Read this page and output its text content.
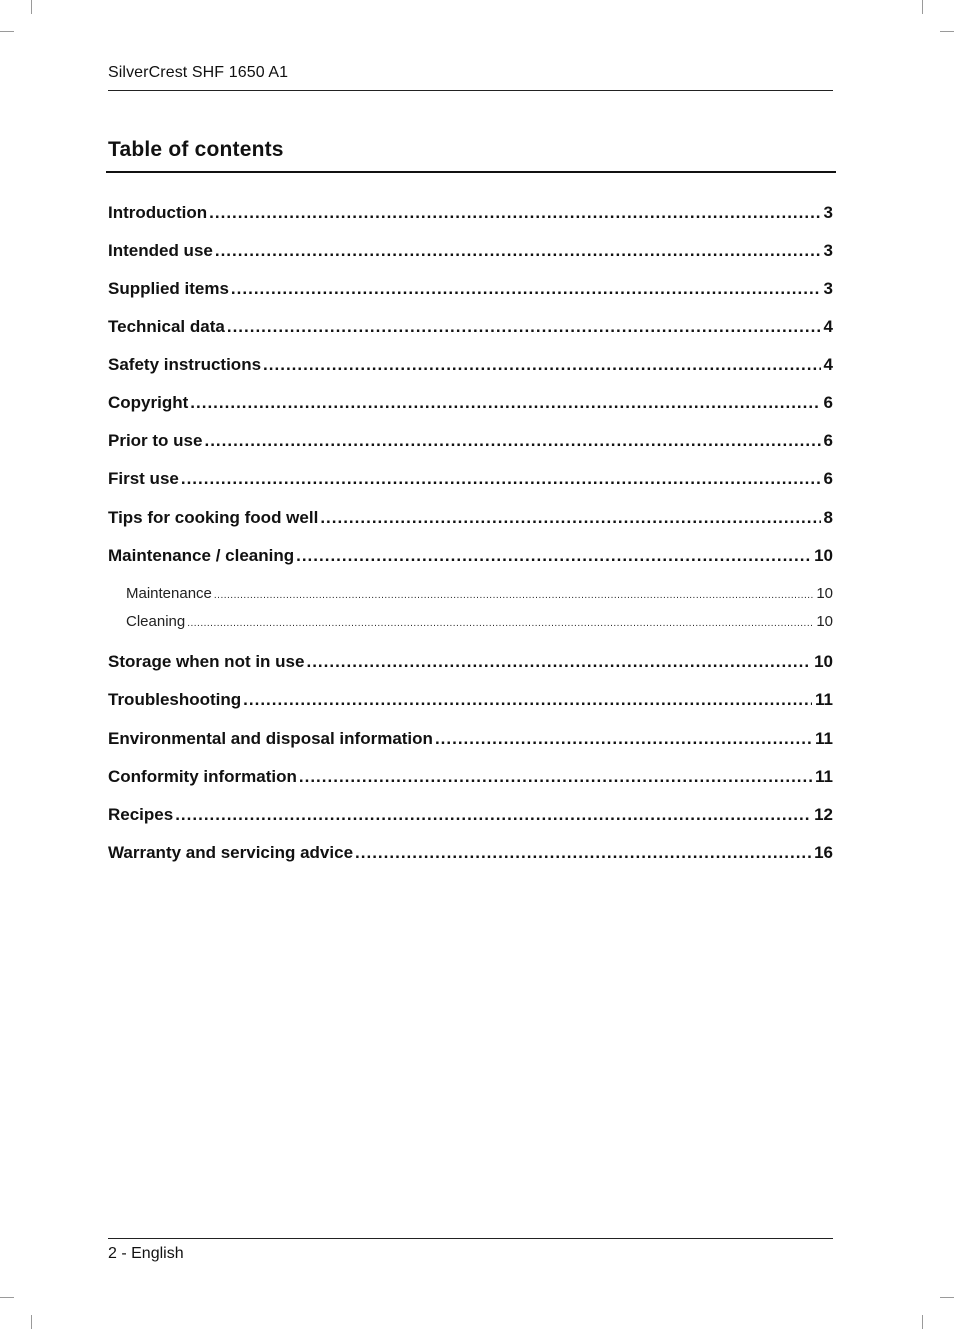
SilverCrest SHF 1650 A1
Table of contents
Introduction .....	3
Intended use .....	3
Supplied items .....	3
Technical data .....	4
Safety instructions .....	4
Copyright .....	6
Prior to use .....	6
First use .....	6
Tips for cooking food well .....	8
Maintenance / cleaning .....	10
Maintenance .....	10
Cleaning .....	10
Storage when not in use .....	10
Troubleshooting .....	11
Environmental and disposal information .....	11
Conformity information .....	11
Recipes .....	12
Warranty and servicing advice .....	16
2 - English
